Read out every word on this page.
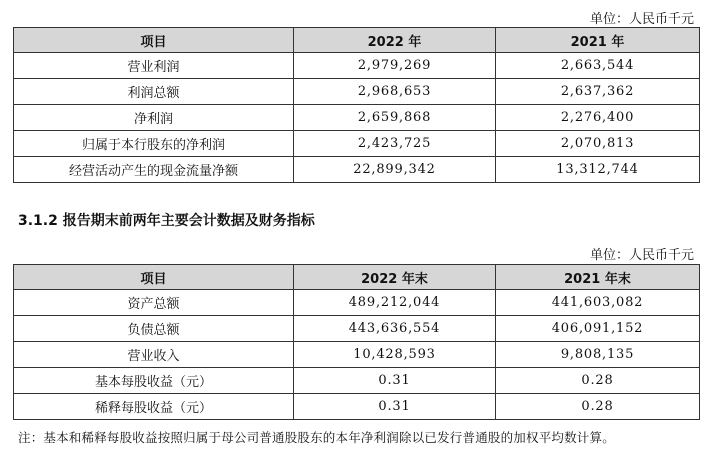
单位：人民币千元
项目	2022 年	2021 年
营业利润	2,979,269	2,663,544
利润总额	2,968,653	2,637,362
净利润	2,659,868	2,276,400
归属于本行股东的净利润	2,423,725	2,070,813
经营活动产生的现金流量净额	22,899,342	13,312,744
3.1.2 报告期末前两年主要会计数据及财务指标
单位：人民币千元
项目	2022 年末	2021 年末
资产总额	489,212,044	441,603,082
负债总额	443,636,554	406,091,152
营业收入	10,428,593	9,808,135
基本每股收益（元）	0.31	0.28
稀释每股收益（元）	0.31	0.28
注：基本和稀释每股收益按照归属于母公司普通股股东的本年净利润除以已发行普通股的加权平均数计算。
